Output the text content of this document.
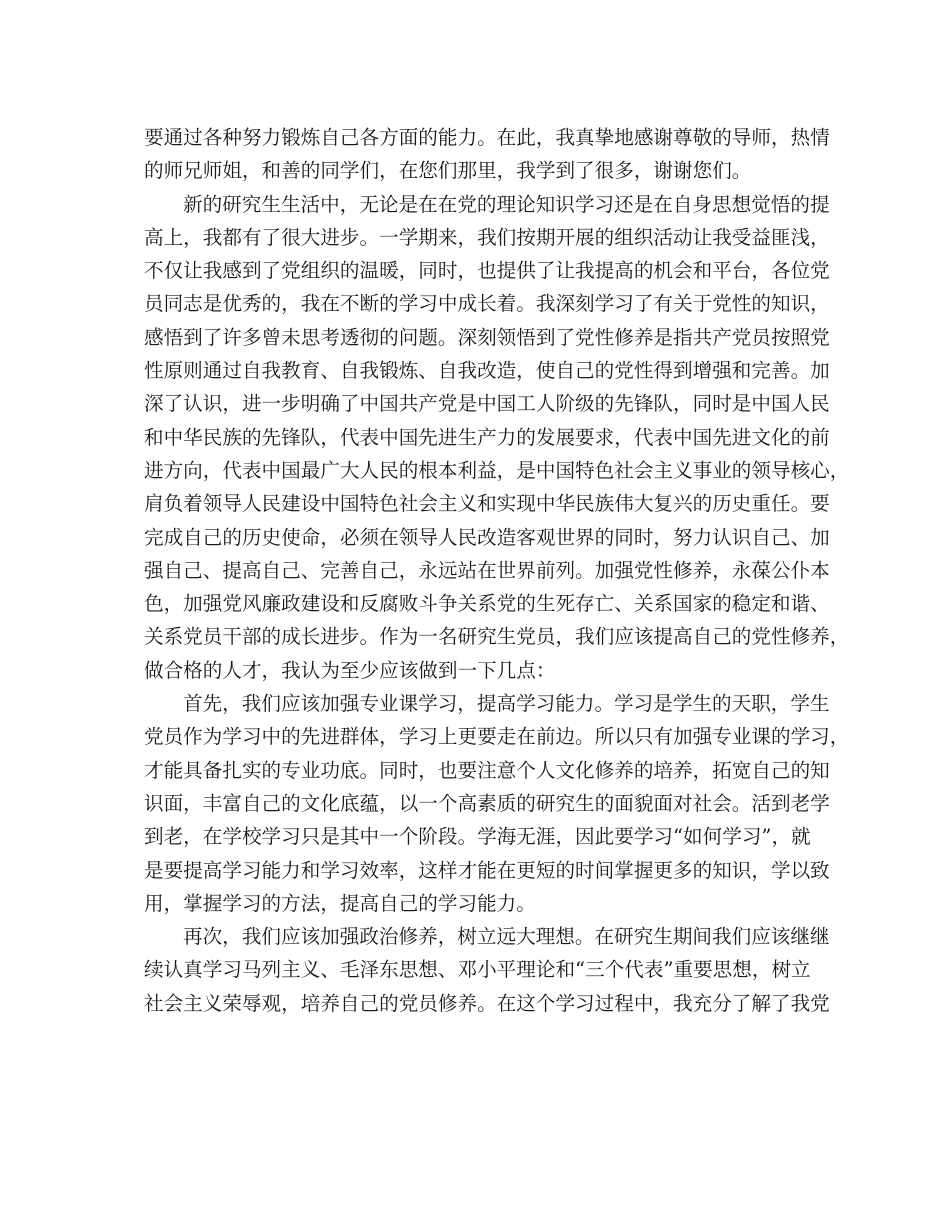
要通过各种努力锻炼自己各方面的能力。在此，我真挚地感谢尊敬的导师，热情
的师兄师姐，和善的同学们，在您们那里，我学到了很多，谢谢您们。
新的研究生生活中，无论是在在党的理论知识学习还是在自身思想觉悟的提
高上，我都有了很大进步。一学期来，我们按期开展的组织活动让我受益匪浅，
不仅让我感到了党组织的温暖，同时，也提供了让我提高的机会和平台，各位党
员同志是优秀的，我在不断的学习中成长着。我深刻学习了有关于党性的知识，
感悟到了许多曾未思考透彻的问题。深刻领悟到了党性修养是指共产党员按照党
性原则通过自我教育、自我锻炼、自我改造，使自己的党性得到增强和完善。加
深了认识，进一步明确了中国共产党是中国工人阶级的先锋队，同时是中国人民
和中华民族的先锋队，代表中国先进生产力的发展要求，代表中国先进文化的前
进方向，代表中国最广大人民的根本利益，是中国特色社会主义事业的领导核心，
肩负着领导人民建设中国特色社会主义和实现中华民族伟大复兴的历史重任。要
完成自己的历史使命，必须在领导人民改造客观世界的同时，努力认识自己、加
强自己、提高自己、完善自己，永远站在世界前列。加强党性修养，永葆公仆本
色，加强党风廉政建设和反腐败斗争关系党的生死存亡、关系国家的稳定和谐、
关系党员干部的成长进步。作为一名研究生党员，我们应该提高自己的党性修养，
做合格的人才，我认为至少应该做到一下几点：
首先，我们应该加强专业课学习，提高学习能力。学习是学生的天职，学生
党员作为学习中的先进群体，学习上更要走在前边。所以只有加强专业课的学习，
才能具备扎实的专业功底。同时，也要注意个人文化修养的培养，拓宽自己的知
识面，丰富自己的文化底蕴，以一个高素质的研究生的面貌面对社会。活到老学
到老，在学校学习只是其中一个阶段。学海无涯，因此要学习“如何学习”，就
是要提高学习能力和学习效率，这样才能在更短的时间掌握更多的知识，学以致
用，掌握学习的方法，提高自己的学习能力。
再次，我们应该加强政治修养，树立远大理想。在研究生期间我们应该继继
续认真学习马列主义、毛泽东思想、邓小平理论和“三个代表”重要思想，树立
社会主义荣辱观，培养自己的党员修养。在这个学习过程中，我充分了解了我党
